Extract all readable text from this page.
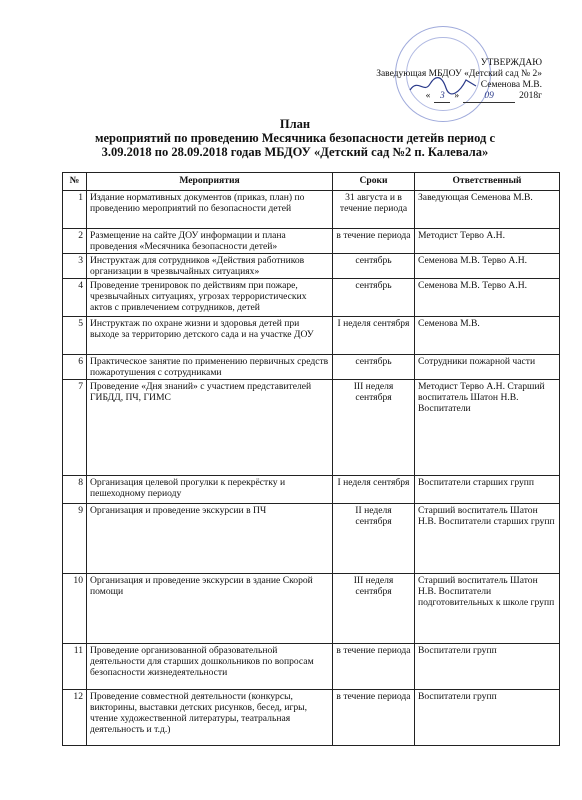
УТВЕРЖДАЮ
Заведующая МБДОУ «Детский сад № 2»
Семенова М.В.
«	3	»	09	2018г
План
мероприятий по проведению Месячника безопасности детейв период с
3.09.2018 по 28.09.2018 годав МБДОУ «Детский сад №2 п. Калевала»
№	Мероприятия	Сроки	Ответственный
1	Издание нормативных документов (приказ, план) по проведению мероприятий по безопасности детей	31 августа и в течение периода	Заведующая Семенова М.В.
2	Размещение на сайте ДОУ информации и плана проведения «Месячника безопасности детей»	в течение периода	Методист Терво А.Н.
3	Инструктаж для сотрудников «Действия работников организации в чрезвычайных ситуациях»	сентябрь	Семенова М.В. Терво А.Н.
4	Проведение тренировок по действиям при пожаре, чрезвычайных ситуациях, угрозах террористических актов с привлечением сотрудников, детей	сентябрь	Семенова М.В. Терво А.Н.
5	Инструктаж по охране жизни и здоровья детей при выходе за территорию детского сада и на участке ДОУ	I неделя сентября	Семенова М.В.
6	Практическое занятие по применению первичных средств пожаротушения с сотрудниками	сентябрь	Сотрудники пожарной части
7	Проведение «Дня знаний» с участием представителей ГИБДД, ПЧ, ГИМС	III неделя сентября	Методист Терво А.Н. Старший воспитатель Шатон Н.В. Воспитатели
8	Организация целевой прогулки к перекрёстку и пешеходному периоду	I неделя сентября	Воспитатели старших групп
9	Организация и проведение экскурсии в ПЧ	II неделя сентября	Старший воспитатель Шатон Н.В. Воспитатели старших групп
10	Организация и проведение экскурсии в здание Скорой помощи	III неделя сентября	Старший воспитатель Шатон Н.В. Воспитатели подготовительных к школе групп
11	Проведение организованной образовательной деятельности для старших дошкольников по вопросам безопасности жизнедеятельности	в течение периода	Воспитатели групп
12	Проведение совместной деятельности (конкурсы, викторины, выставки детских рисунков, бесед, игры, чтение художественной литературы, театральная деятельность и т.д.)	в течение периода	Воспитатели групп
